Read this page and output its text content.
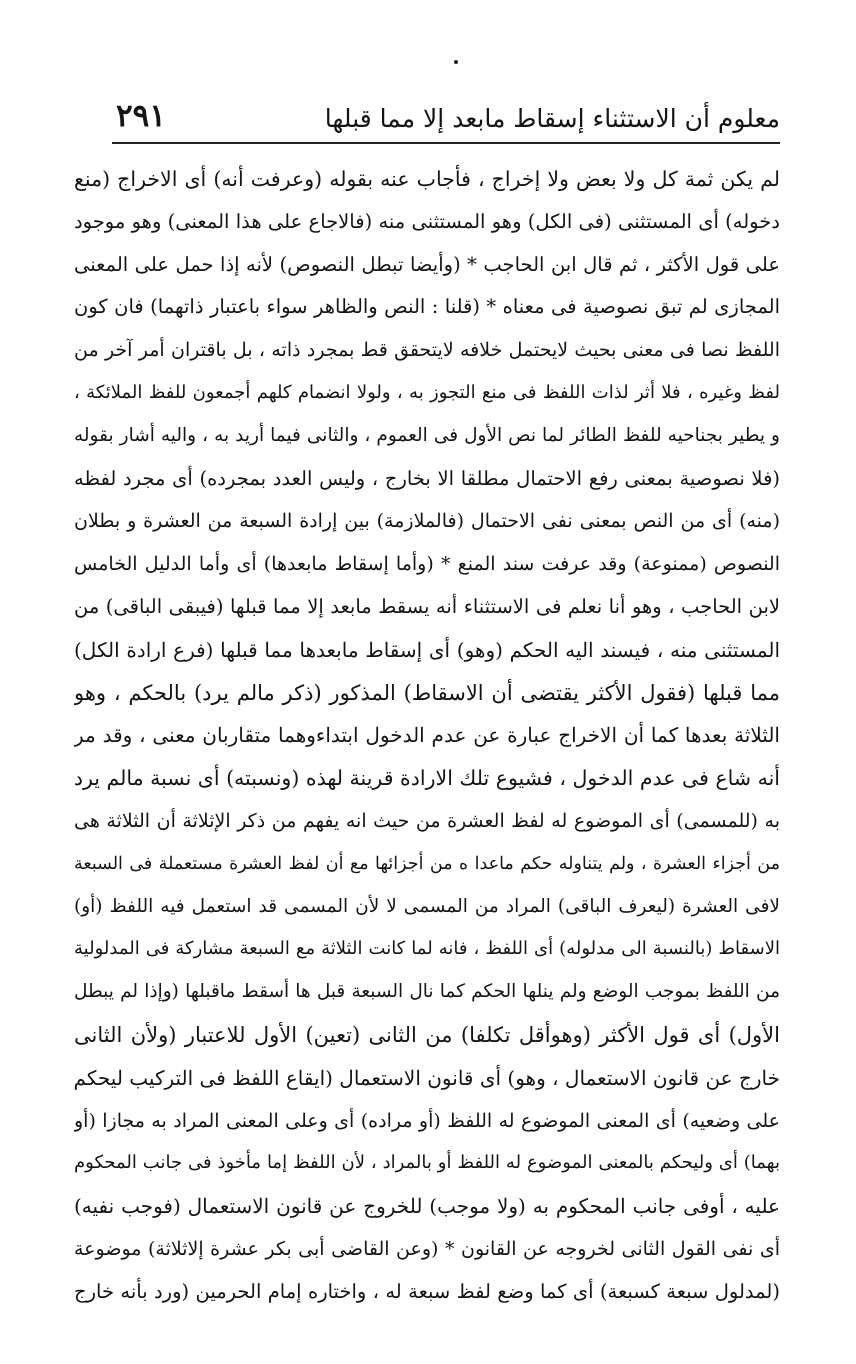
معلوم أن الاستثناء إسقاط مابعد إلا مما قبلها
٢٩١
لم يكن ثمة كل ولا بعض ولا إخراج ، فأجاب عنه بقوله (وعرفت أنه) أى الاخراج (منع
دخوله) أى المستثنى (فى الكل) وهو المستثنى منه (فالاجاع على هذا المعنى) وهو موجود
على قول الأكثر ، ثم قال ابن الحاجب * (وأيضا تبطل النصوص) لأنه إذا حمل على المعنى
المجازى لم تبق نصوصية فى معناه * (قلنا : النص والظاهر سواء باعتبار ذاتهما) فان كون
اللفظ نصا فى معنى بحيث لايحتمل خلافه لايتحقق قط بمجرد ذاته ، بل باقتران أمر آخر من
لفظ وغيره ، فلا أثر لذات اللفظ فى منع التجوز به ، ولولا انضمام كلهم أجمعون للفظ الملائكة ،
و يطير بجناحيه للفظ الطائر لما نص الأول فى العموم ، والثانى فيما أريد به ، واليه أشار بقوله
(فلا نصوصية بمعنى رفع الاحتمال مطلقا الا بخارج ، وليس العدد بمجرده) أى مجرد لفظه
(منه) أى من النص بمعنى نفى الاحتمال (فالملازمة) بين إرادة السبعة من العشرة و بطلان
النصوص (ممنوعة) وقد عرفت سند المنع * (وأما إسقاط مابعدها) أى وأما الدليل الخامس
لابن الحاجب ، وهو أنا نعلم فى الاستثناء أنه يسقط مابعد إلا مما قبلها (فيبقى الباقى) من
المستثنى منه ، فيسند اليه الحكم (وهو) أى إسقاط مابعدها مما قبلها (فرع ارادة الكل)
مما قبلها (فقول الأكثر يقتضى أن الاسقاط) المذكور (ذكر مالم يرد) بالحكم ، وهو
الثلاثة بعدها كما أن الاخراج عبارة عن عدم الدخول ابتداءوهما متقاربان معنى ، وقد مر
أنه شاع فى عدم الدخول ، فشيوع تلك الارادة قرينة لهذه (ونسبته) أى نسبة مالم يرد
به (للمسمى) أى الموضوع له لفظ العشرة من حيث انه يفهم من ذكر الإثلاثة أن الثلاثة هى
من أجزاء العشرة ، ولم يتناوله حكم ماعدا ه من أجزائها مع أن لفظ العشرة مستعملة فى السبعة
لافى العشرة (ليعرف الباقى) المراد من المسمى لا لأن المسمى قد استعمل فيه اللفظ (أو)
الاسقاط (بالنسبة الى مدلوله) أى اللفظ ، فانه لما كانت الثلاثة مع السبعة مشاركة فى المدلولية
من اللفظ بموجب الوضع ولم ينلها الحكم كما نال السبعة قبل ها أسقط ماقبلها (وإذا لم يبطل
الأول) أى قول الأكثر (وهوأقل تكلفا) من الثانى (تعين) الأول للاعتبار (ولأن الثانى
خارج عن قانون الاستعمال ، وهو) أى قانون الاستعمال (ايقاع اللفظ فى التركيب ليحكم
على وضعيه) أى المعنى الموضوع له اللفظ (أو مراده) أى وعلى المعنى المراد به مجازا (أو
بهما) أى وليحكم بالمعنى الموضوع له اللفظ أو بالمراد ، لأن اللفظ إما مأخوذ فى جانب المحكوم
عليه ، أوفى جانب المحكوم به (ولا موجب) للخروج عن قانون الاستعمال (فوجب نفيه)
أى نفى القول الثانى لخروجه عن القانون * (وعن القاضى أبى بكر عشرة إلاثلاثة) موضوعة
(لمدلول سبعة كسبعة) أى كما وضع لفظ سبعة له ، واختاره إمام الحرمين (ورد بأنه خارج
